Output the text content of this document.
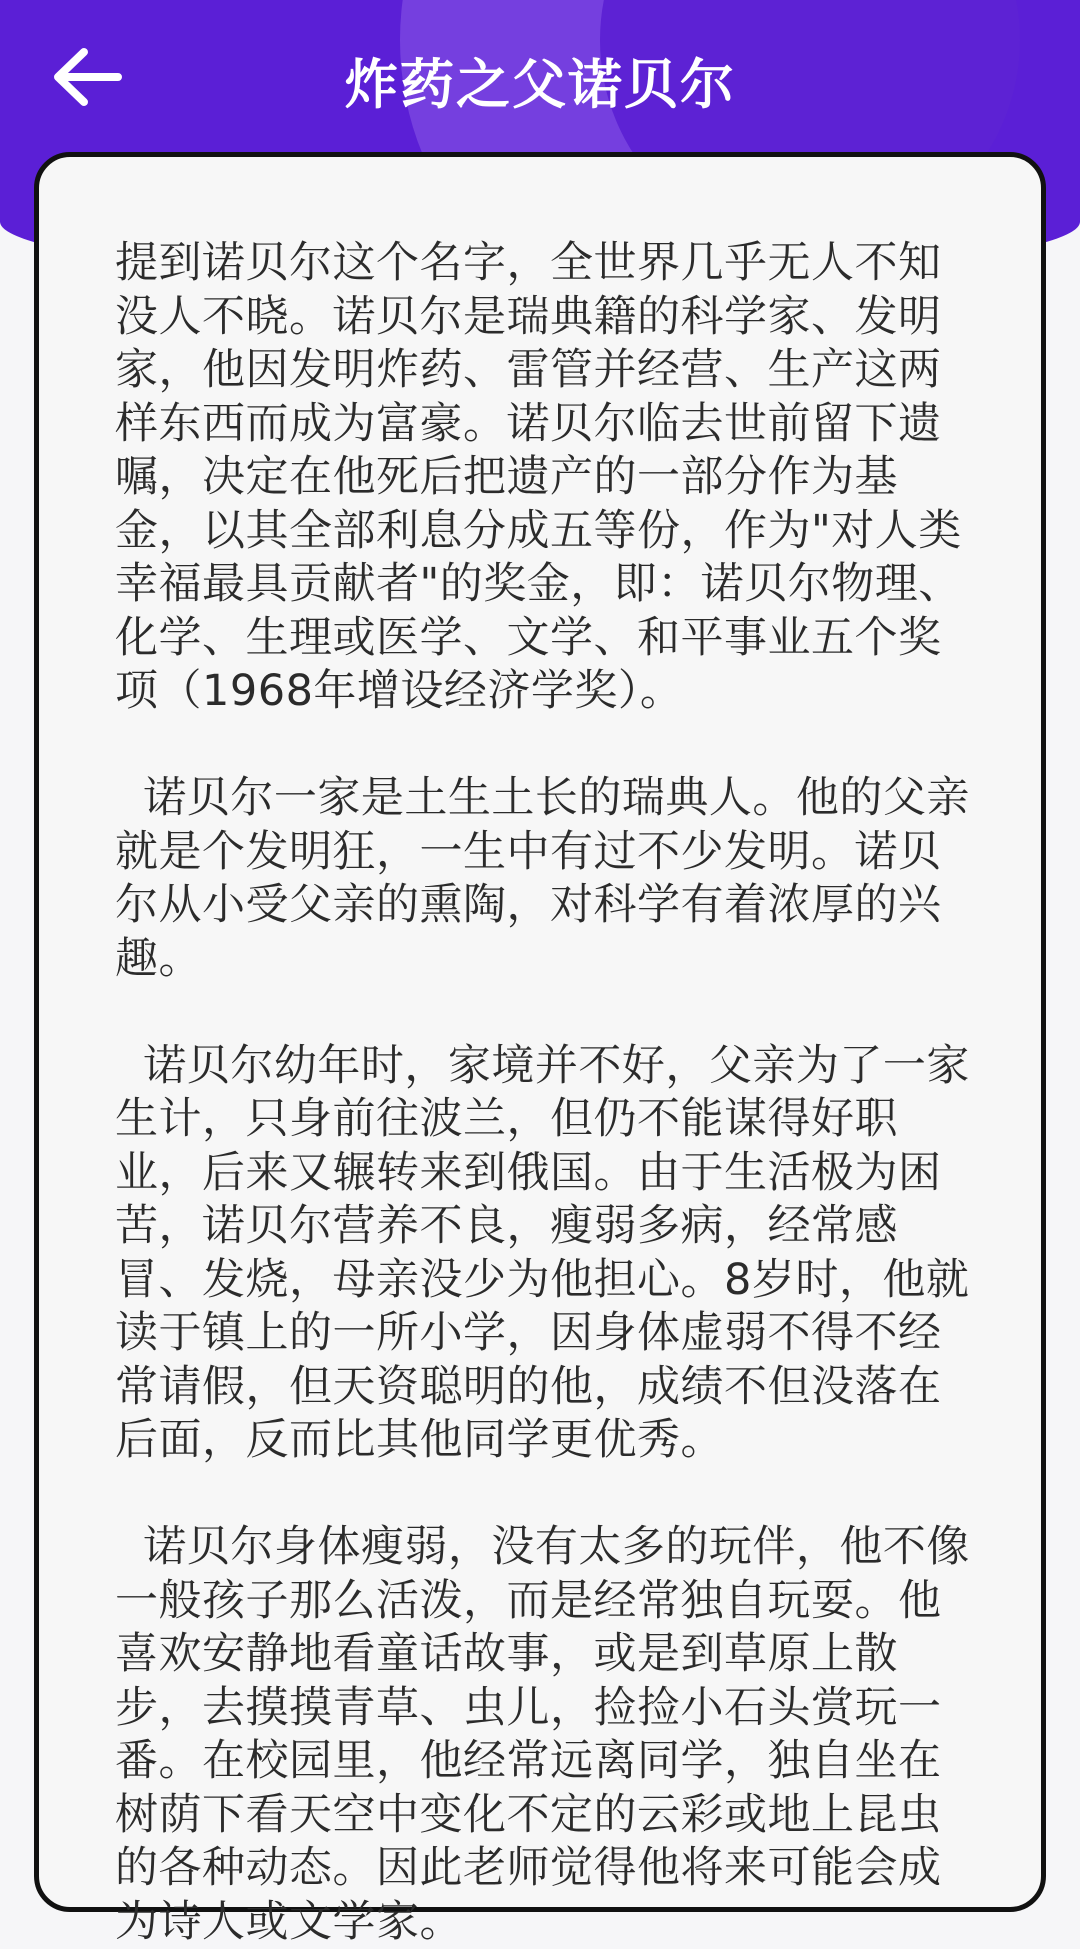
炸药之父诺贝尔

提到诺贝尔这个名字，全世界几乎无人不知没人不晓。诺贝尔是瑞典籍的科学家、发明家，他因发明炸药、雷管并经营、生产这两样东西而成为富豪。诺贝尔临去世前留下遗嘱，决定在他死后把遗产的一部分作为基金，以其全部利息分成五等份，作为"对人类幸福最具贡献者"的奖金，即：诺贝尔物理、化学、生理或医学、文学、和平事业五个奖项（1968年增设经济学奖）。

诺贝尔一家是土生土长的瑞典人。他的父亲就是个发明狂，一生中有过不少发明。诺贝尔从小受父亲的熏陶，对科学有着浓厚的兴趣。

诺贝尔幼年时，家境并不好，父亲为了一家生计，只身前往波兰，但仍不能谋得好职业，后来又辗转来到俄国。由于生活极为困苦，诺贝尔营养不良，瘦弱多病，经常感冒、发烧，母亲没少为他担心。8岁时，他就读于镇上的一所小学，因身体虚弱不得不经常请假，但天资聪明的他，成绩不但没落在后面，反而比其他同学更优秀。

诺贝尔身体瘦弱，没有太多的玩伴，他不像一般孩子那么活泼，而是经常独自玩耍。他喜欢安静地看童话故事，或是到草原上散步，去摸摸青草、虫儿，捡捡小石头赏玩一番。在校园里，他经常远离同学，独自坐在树荫下看天空中变化不定的云彩或地上昆虫的各种动态。因此老师觉得他将来可能会成为诗人或文学家。
